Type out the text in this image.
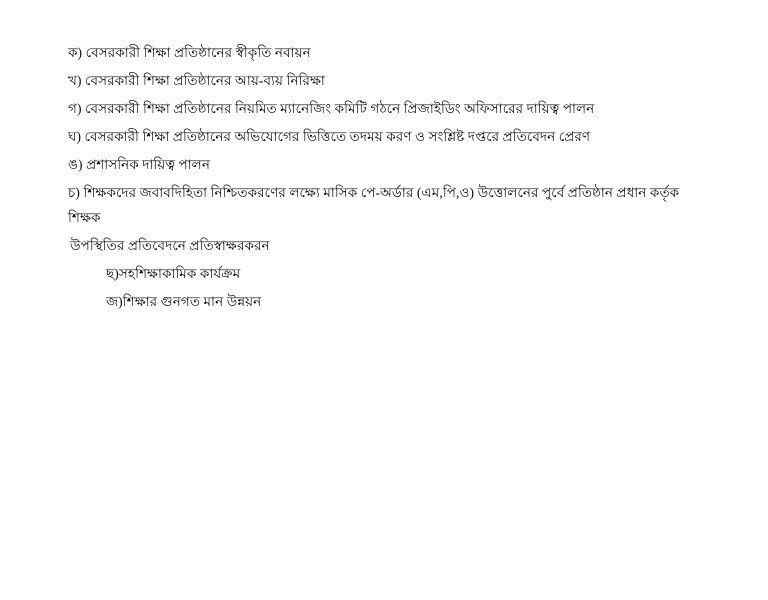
ক) বেসরকারী শিক্ষা প্রতিষ্ঠানের স্বীকৃতি নবায়ন

খ) বেসরকারী শিক্ষা প্রতিষ্ঠানের আয়-ব্যয় নিরিক্ষা

গ) বেসরকারী শিক্ষা প্রতিষ্ঠানের নিয়মিত ম্যানেজিং কমিটি গঠনে প্রিজাইডিং অফিসারের দায়িত্ব পালন

ঘ) বেসরকারী শিক্ষা প্রতিষ্ঠানের অভিযোগের ভিত্তিতে তদময় করণ ও সংশ্লিষ্ট দপ্তরে প্রতিবেদন প্রেরণ

ঙ) প্রশাসনিক দায়িত্ব পালন

চ) শিক্ষকদের জবাবদিহিতা নিশ্চিতকরণের লক্ষ্যে মাসিক পে-অর্ডার (এম,পি,ও) উত্তোলনের পুর্বে প্রতিষ্ঠান প্রধান কর্তৃক শিক্ষক

উপস্থিতির প্রতিবেদনে প্রতিস্বাক্ষরকরন

ছ)সহশিক্ষাকামিক কার্যক্রম

জ)শিক্ষার গুনগত মান উন্নয়ন
